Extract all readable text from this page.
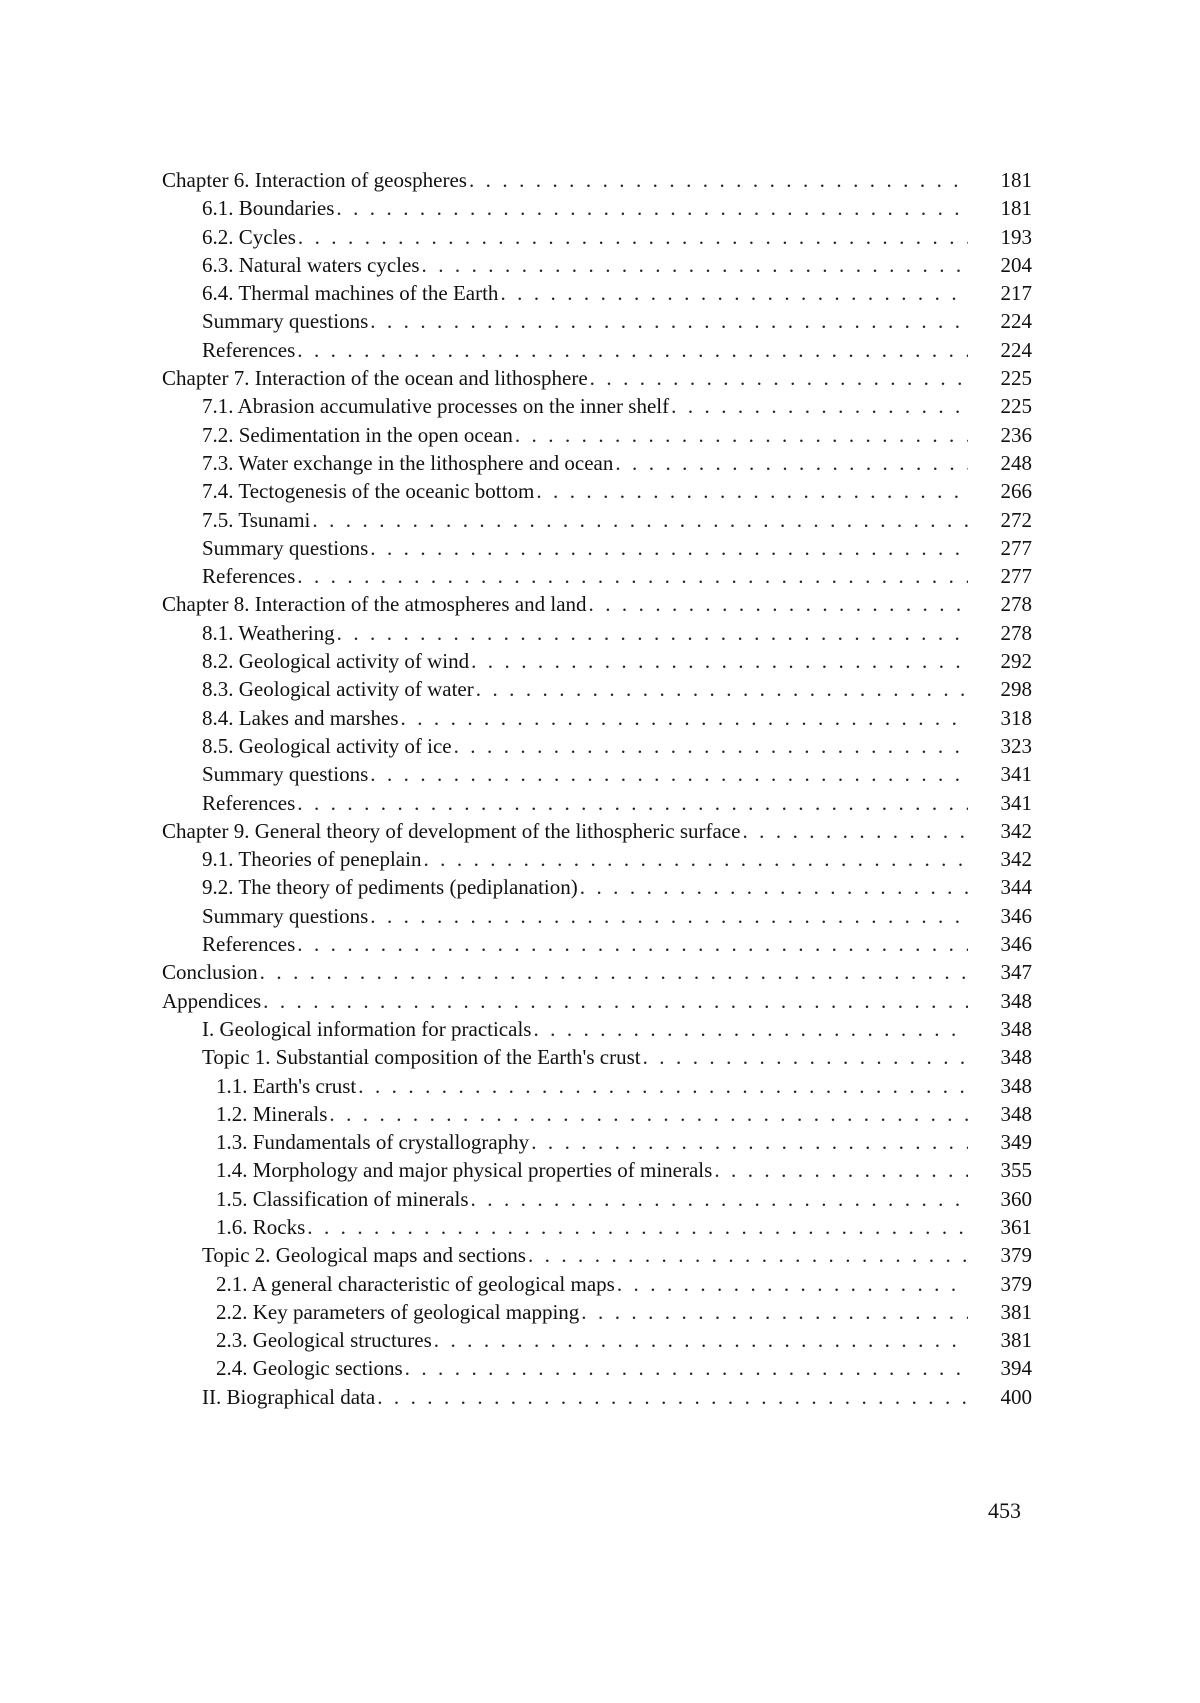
Chapter 6. Interaction of geospheres . . .	181
6.1. Boundaries . . .	181
6.2. Cycles . . .	193
6.3. Natural waters cycles . . .	204
6.4. Thermal machines of the Earth . . .	217
Summary questions . . .	224
References . . .	224
Chapter 7. Interaction of the ocean and lithosphere . . .	225
7.1. Abrasion accumulative processes on the inner shelf . . .	225
7.2. Sedimentation in the open ocean . . .	236
7.3. Water exchange in the lithosphere and ocean . . .	248
7.4. Tectogenesis of the oceanic bottom . . .	266
7.5. Tsunami . . .	272
Summary questions . . .	277
References . . .	277
Chapter 8. Interaction of the atmospheres and land . . .	278
8.1. Weathering . . .	278
8.2. Geological activity of wind . . .	292
8.3. Geological activity of water . . .	298
8.4. Lakes and marshes . . .	318
8.5. Geological activity of ice . . .	323
Summary questions . . .	341
References . . .	341
Chapter 9. General theory of development of the lithospheric surface . . .	342
9.1. Theories of peneplain . . .	342
9.2. The theory of pediments (pediplanation) . . .	344
Summary questions . . .	346
References . . .	346
Conclusion . . .	347
Appendices . . .	348
I. Geological information for practicals . . .	348
Topic 1. Substantial composition of the Earth's crust . . .	348
1.1. Earth's crust . . .	348
1.2. Minerals . . .	348
1.3. Fundamentals of crystallography . . .	349
1.4. Morphology and major physical properties of minerals . . .	355
1.5. Classification of minerals . . .	360
1.6. Rocks . . .	361
Topic 2. Geological maps and sections . . .	379
2.1. A general characteristic of geological maps . . .	379
2.2. Key parameters of geological mapping . . .	381
2.3. Geological structures . . .	381
2.4. Geologic sections . . .	394
II. Biographical data . . .	400
453
